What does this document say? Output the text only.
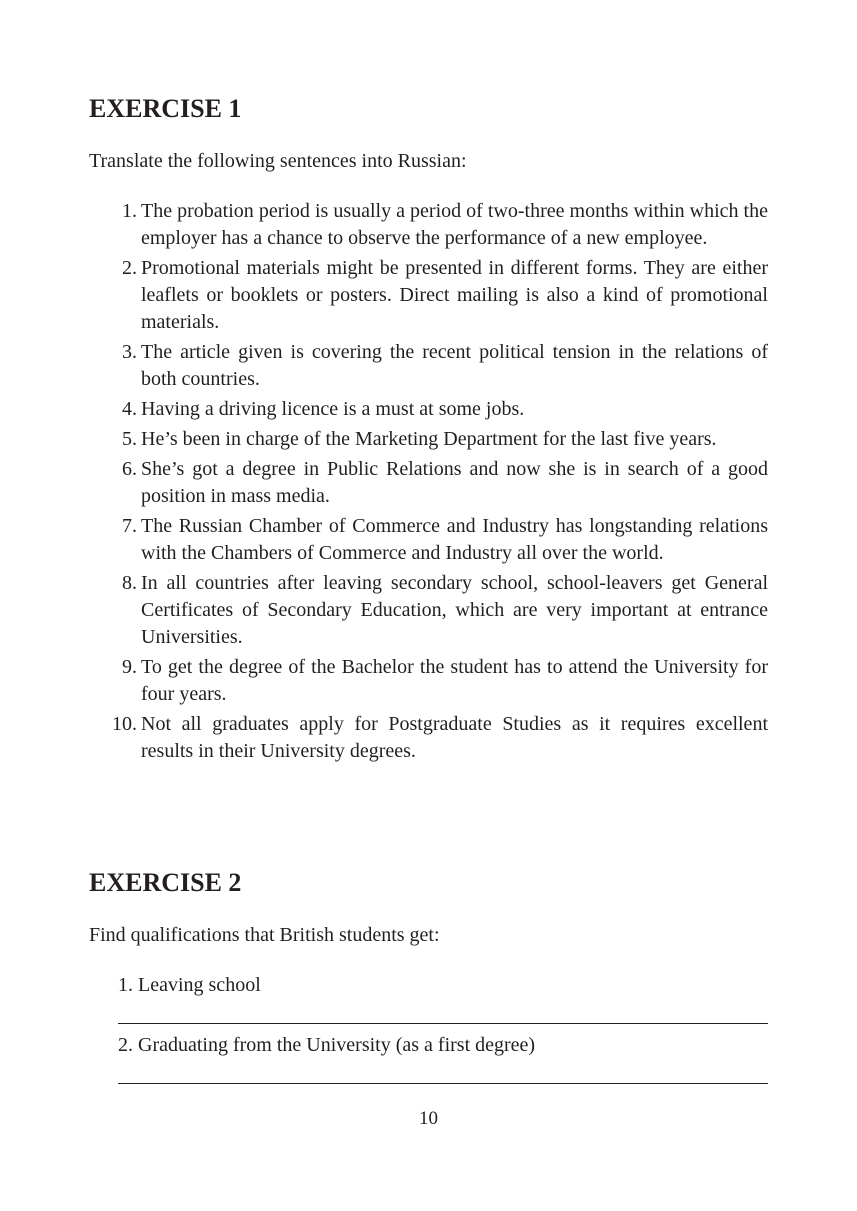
EXERCISE 1
Translate the following sentences into Russian:
1. The probation period is usually a period of two-three months within which the employer has a chance to observe the performance of a new employee.
2. Promotional materials might be presented in different forms. They are either leaflets or booklets or posters. Direct mailing is also a kind of promotional materials.
3. The article given is covering the recent political tension in the relations of both countries.
4. Having a driving licence is a must at some jobs.
5. He’s been in charge of the Marketing Department for the last five years.
6. She’s got a degree in Public Relations and now she is in search of a good position in mass media.
7. The Russian Chamber of Commerce and Industry has longstanding relations with the Chambers of Commerce and Industry all over the world.
8. In all countries after leaving secondary school, school-leavers get General Certificates of Secondary Education, which are very important at entrance Universities.
9. To get the degree of the Bachelor the student has to attend the University for four years.
10. Not all graduates apply for Postgraduate Studies as it requires excellent results in their University degrees.
EXERCISE 2
Find qualifications that British students get:
1. Leaving school
2. Graduating from the University (as a first degree)
10
